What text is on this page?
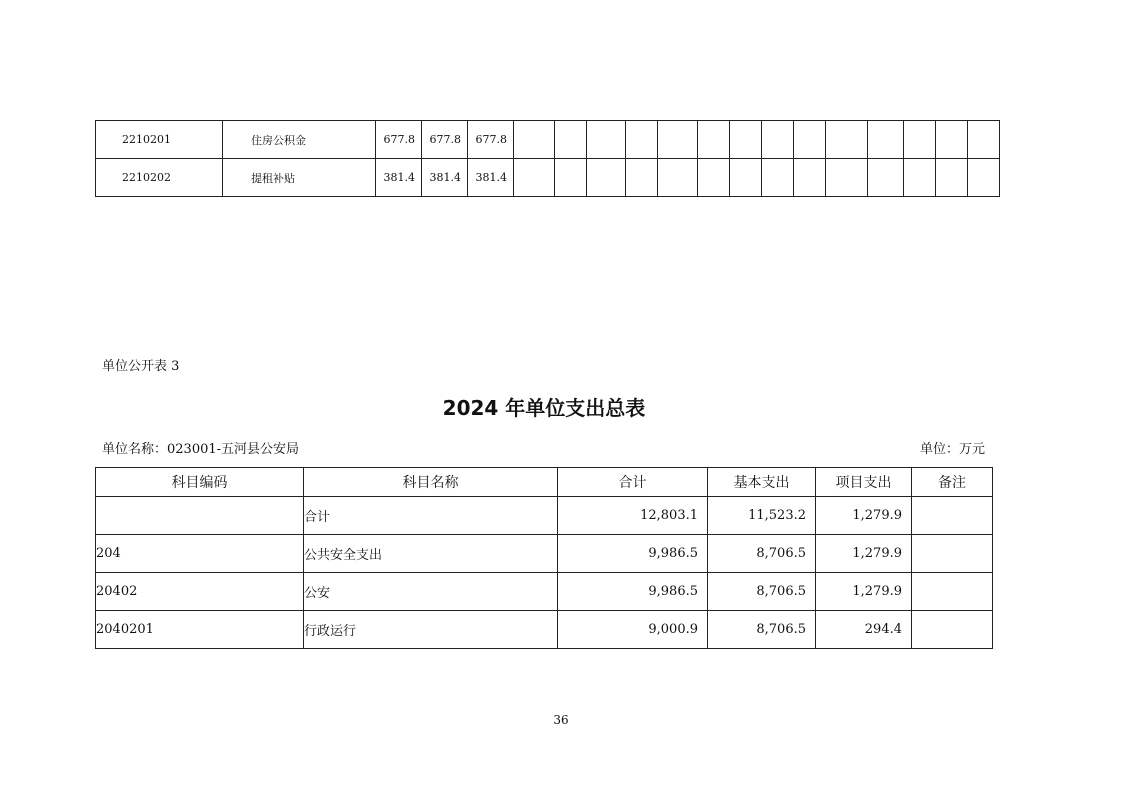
2210201	住房公积金	677.8	677.8	677.8														
2210202	提租补贴	381.4	381.4	381.4														
单位公开表 3
2024 年单位支出总表
单位名称：023001-五河县公安局	单位：万元
科目编码	科目名称	合计	基本支出	项目支出	备注
	合计	12,803.1	11,523.2	1,279.9	
204	公共安全支出	9,986.5	8,706.5	1,279.9	
20402	公安	9,986.5	8,706.5	1,279.9	
2040201	行政运行	9,000.9	8,706.5	294.4	
36
